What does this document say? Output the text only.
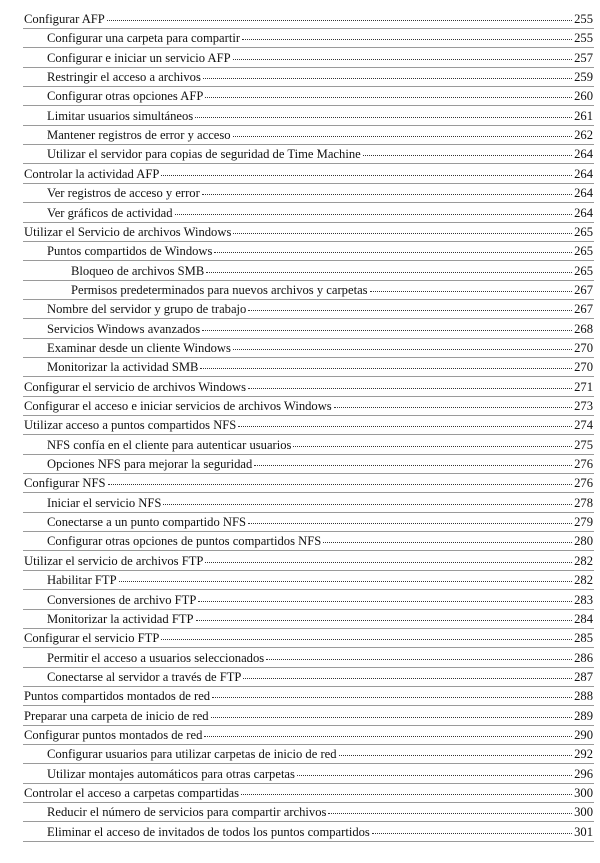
Configurar AFP	255
Configurar una carpeta para compartir	255
Configurar e iniciar un servicio AFP	257
Restringir el acceso a archivos	259
Configurar otras opciones AFP	260
Limitar usuarios simultáneos	261
Mantener registros de error y acceso	262
Utilizar el servidor para copias de seguridad de Time Machine	264
Controlar la actividad AFP	264
Ver registros de acceso y error	264
Ver gráficos de actividad	264
Utilizar el Servicio de archivos Windows	265
Puntos compartidos de Windows	265
Bloqueo de archivos SMB	265
Permisos predeterminados para nuevos archivos y carpetas	267
Nombre del servidor y grupo de trabajo	267
Servicios Windows avanzados	268
Examinar desde un cliente Windows	270
Monitorizar la actividad SMB	270
Configurar el servicio de archivos Windows	271
Configurar el acceso e iniciar servicios de archivos Windows	273
Utilizar acceso a puntos compartidos NFS	274
NFS confía en el cliente para autenticar usuarios	275
Opciones NFS para mejorar la seguridad	276
Configurar NFS	276
Iniciar el servicio NFS	278
Conectarse a un punto compartido NFS	279
Configurar otras opciones de puntos compartidos NFS	280
Utilizar el servicio de archivos FTP	282
Habilitar FTP	282
Conversiones de archivo FTP	283
Monitorizar la actividad FTP	284
Configurar el servicio FTP	285
Permitir el acceso a usuarios seleccionados	286
Conectarse al servidor a través de FTP	287
Puntos compartidos montados de red	288
Preparar una carpeta de inicio de red	289
Configurar puntos montados de red	290
Configurar usuarios para utilizar carpetas de inicio de red	292
Utilizar montajes automáticos para otras carpetas	296
Controlar el acceso a carpetas compartidas	300
Reducir el número de servicios para compartir archivos	300
Eliminar el acceso de invitados de todos los puntos compartidos	301
